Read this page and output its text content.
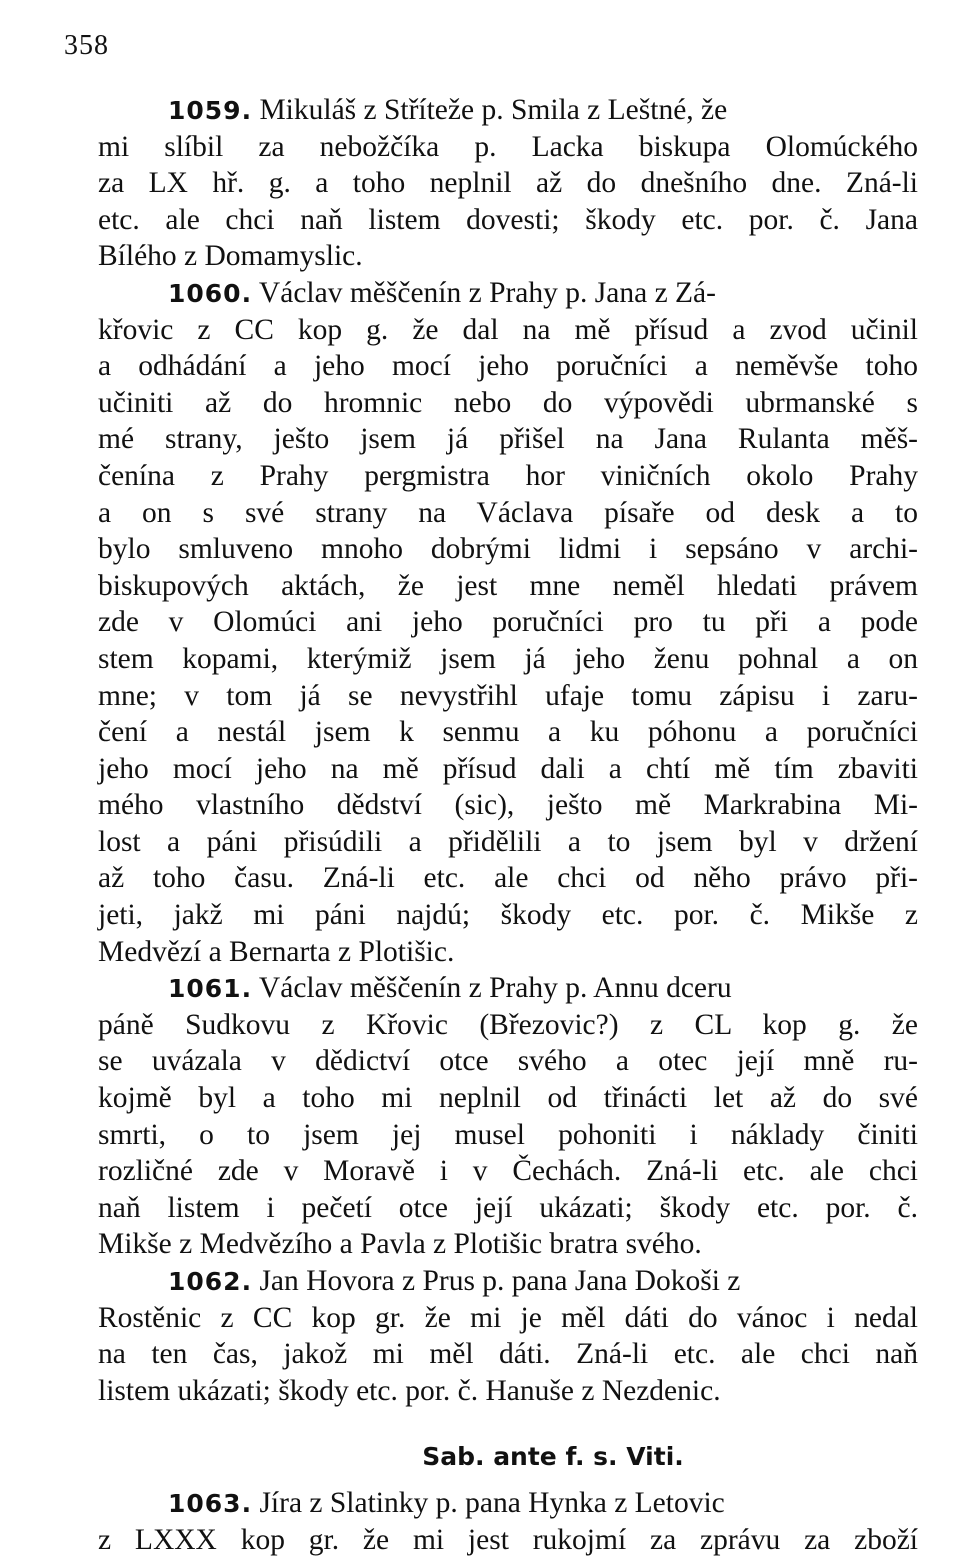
358
1059. Mikuláš z Stříteže p. Smila z Leštné, že
mi slíbil za nebožčíka p. Lacka biskupa Olomúckého
za LX hř. g. a toho neplnil až do dnešního dne. Zná-li
etc. ale chci naň listem dovesti; škody etc. por. č. Jana
Bílého z Domamyslic.
1060. Václav měščenín z Prahy p. Jana z Zá-
křovic z CC kop g. že dal na mě přísud a zvod učinil
a odhádání a jeho mocí jeho poručníci a neměvše toho
učiniti až do hromnic nebo do výpovědi ubrmanské s
mé strany, ješto jsem já přišel na Jana Rulanta měš-
čenína z Prahy pergmistra hor viničních okolo Prahy
a on s své strany na Václava písaře od desk a to
bylo smluveno mnoho dobrými lidmi i sepsáno v archi-
biskupových aktách, že jest mne neměl hledati právem
zde v Olomúci ani jeho poručníci pro tu při a pode
stem kopami, kterýmiž jsem já jeho ženu pohnal a on
mne; v tom já se nevystřihl ufaje tomu zápisu i zaru-
čení a nestál jsem k senmu a ku póhonu a poručníci
jeho mocí jeho na mě přísud dali a chtí mě tím zbaviti
mého vlastního dědství (sic), ješto mě Markrabina Mi-
lost a páni přisúdili a přidělili a to jsem byl v držení
až toho času. Zná-li etc. ale chci od něho právo při-
jeti, jakž mi páni najdú; škody etc. por. č. Mikše z
Medvězí a Bernarta z Plotišic.
1061. Václav měščenín z Prahy p. Annu dceru
páně Sudkovu z Křovic (Březovic?) z CL kop g. že
se uvázala v dědictví otce svého a otec její mně ru-
kojmě byl a toho mi neplnil od třinácti let až do své
smrti, o to jsem jej musel pohoniti i náklady činiti
rozličné zde v Moravě i v Čechách. Zná-li etc. ale chci
naň listem i pečetí otce její ukázati; škody etc. por. č.
Mikše z Medvězího a Pavla z Plotišic bratra svého.
1062. Jan Hovora z Prus p. pana Jana Dokoši z
Rostěnic z CC kop gr. že mi je měl dáti do vánoc i nedal
na ten čas, jakož mi měl dáti. Zná-li etc. ale chci naň
listem ukázati; škody etc. por. č. Hanuše z Nezdenic.
Sab. ante f. s. Viti.
1063. Jíra z Slatinky p. pana Hynka z Letovic
z LXXX kop gr. že mi jest rukojmí za zprávu za zboží
